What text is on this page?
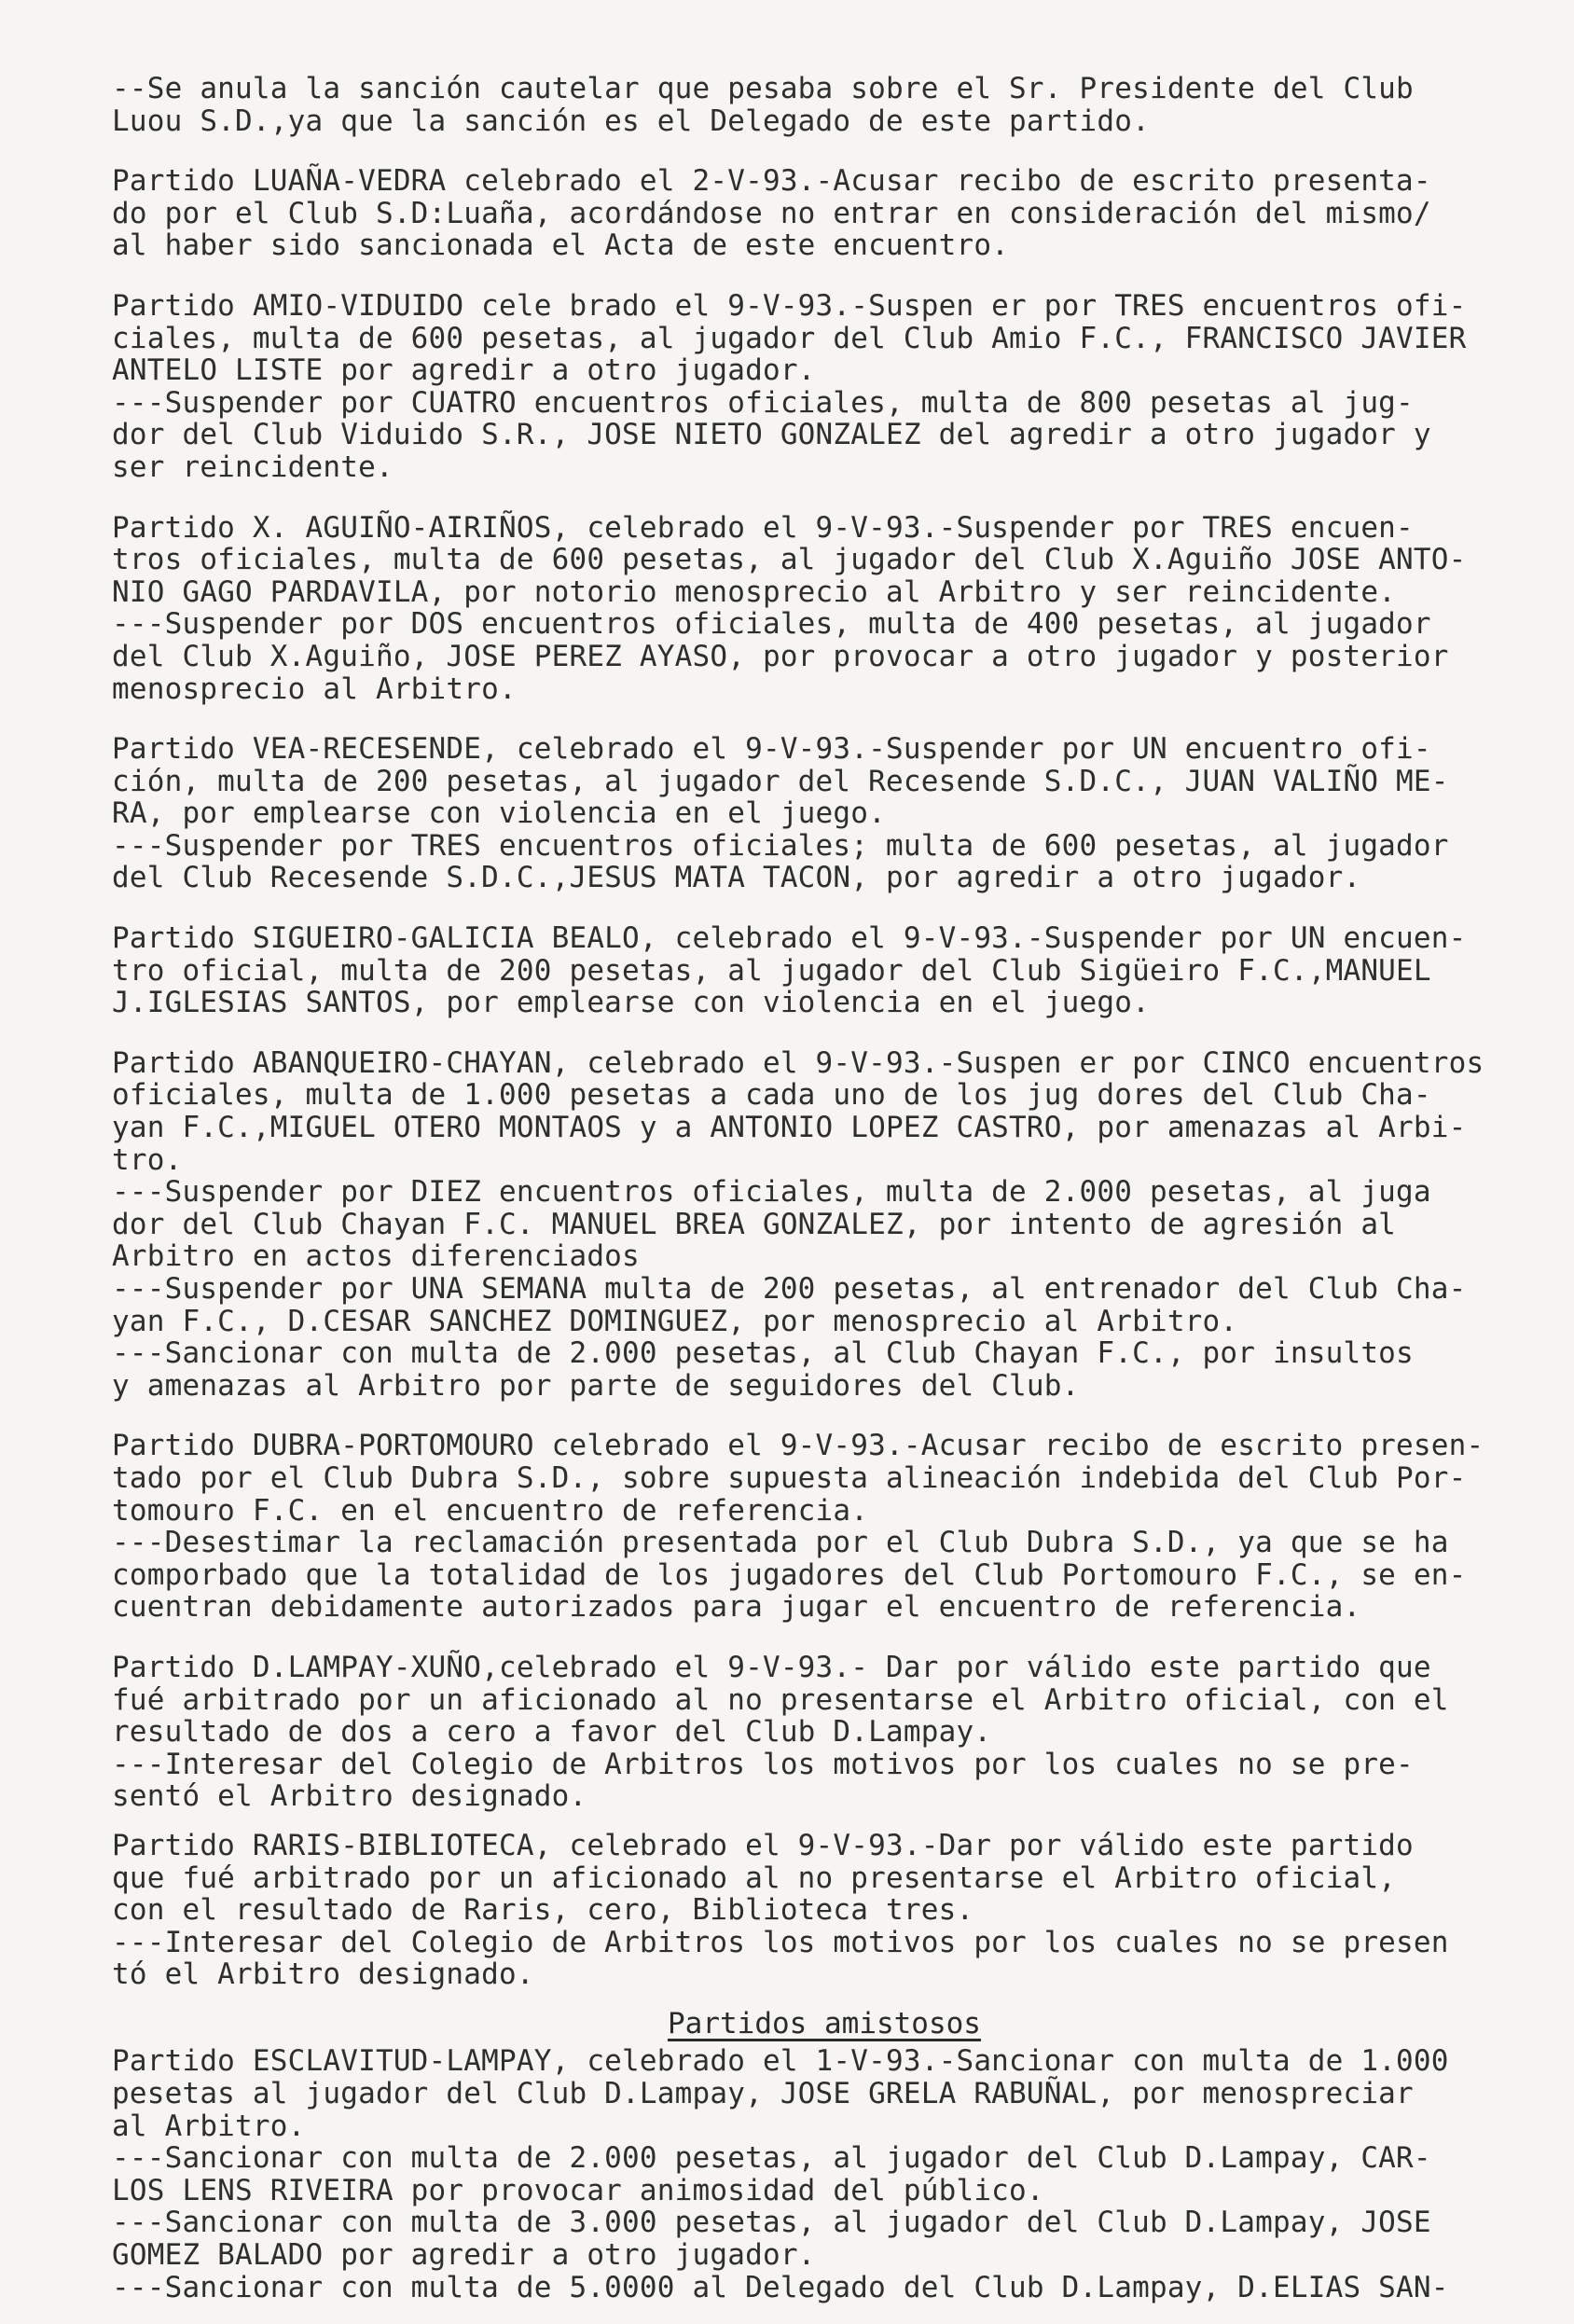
--Se anula la sanción cautelar que pesaba sobre el Sr. Presidente del Club
Luou S.D.,ya que la sanción es el Delegado de este partido.
Partido LUAÑA-VEDRA celebrado el 2-V-93.-Acusar recibo de escrito presenta-
do por el Club S.D:Luaña, acordándose no entrar en consideración del mismo/
al haber sido sancionada el Acta de este encuentro.
Partido AMIO-VIDUIDO cele brado el 9-V-93.-Suspen er por TRES encuentros ofi-
ciales, multa de 600 pesetas, al jugador del Club Amio F.C., FRANCISCO JAVIER
ANTELO LISTE por agredir a otro jugador.
---Suspender por CUATRO encuentros oficiales, multa de 800 pesetas al jug-
dor del Club Viduido S.R., JOSE NIETO GONZALEZ del agredir a otro jugador y
ser reincidente.
Partido X. AGUIÑO-AIRIÑOS, celebrado el 9-V-93.-Suspender por TRES encuen-
tros oficiales, multa de 600 pesetas, al jugador del Club X.Aguiño JOSE ANTO-
NIO GAGO PARDAVILA, por notorio menosprecio al Arbitro y ser reincidente.
---Suspender por DOS encuentros oficiales, multa de 400 pesetas, al jugador
del Club X.Aguiño, JOSE PEREZ AYASO, por provocar a otro jugador y posterior
menosprecio al Arbitro.
Partido VEA-RECESENDE, celebrado el 9-V-93.-Suspender por UN encuentro ofi-
ción, multa de 200 pesetas, al jugador del Recesende S.D.C., JUAN VALIÑO ME-
RA, por emplearse con violencia en el juego.
---Suspender por TRES encuentros oficiales; multa de 600 pesetas, al jugador
del Club Recesende S.D.C.,JESUS MATA TACON, por agredir a otro jugador.
Partido SIGUEIRO-GALICIA BEALO, celebrado el 9-V-93.-Suspender por UN encuen-
tro oficial, multa de 200 pesetas, al jugador del Club Sigüeiro F.C.,MANUEL
J.IGLESIAS SANTOS, por emplearse con violencia en el juego.
Partido ABANQUEIRO-CHAYAN, celebrado el 9-V-93.-Suspen er por CINCO encuentros
oficiales, multa de 1.000 pesetas a cada uno de los jug dores del Club Cha-
yan F.C.,MIGUEL OTERO MONTAOS y a ANTONIO LOPEZ CASTRO, por amenazas al Arbi-
tro.
---Suspender por DIEZ encuentros oficiales, multa de 2.000 pesetas, al juga
dor del Club Chayan F.C. MANUEL BREA GONZALEZ, por intento de agresión al
Arbitro en actos diferenciados
---Suspender por UNA SEMANA multa de 200 pesetas, al entrenador del Club Cha-
yan F.C., D.CESAR SANCHEZ DOMINGUEZ, por menosprecio al Arbitro.
---Sancionar con multa de 2.000 pesetas, al Club Chayan F.C., por insultos
y amenazas al Arbitro por parte de seguidores del Club.
Partido DUBRA-PORTOMOURO celebrado el 9-V-93.-Acusar recibo de escrito presen-
tado por el Club Dubra S.D., sobre supuesta alineación indebida del Club Por-
tomouro F.C. en el encuentro de referencia.
---Desestimar la reclamación presentada por el Club Dubra S.D., ya que se ha
comporbado que la totalidad de los jugadores del Club Portomouro F.C., se en-
cuentran debidamente autorizados para jugar el encuentro de referencia.
Partido D.LAMPAY-XUÑO,celebrado el 9-V-93.- Dar por válido este partido que
fué arbitrado por un aficionado al no presentarse el Arbitro oficial, con el
resultado de dos a cero a favor del Club D.Lampay.
---Interesar del Colegio de Arbitros los motivos por los cuales no se pre-
sentó el Arbitro designado.
Partido RARIS-BIBLIOTECA, celebrado el 9-V-93.-Dar por válido este partido
que fué arbitrado por un aficionado al no presentarse el Arbitro oficial,
con el resultado de Raris, cero, Biblioteca tres.
---Interesar del Colegio de Arbitros los motivos por los cuales no se presen
tó el Arbitro designado.
Partidos amistosos
Partido ESCLAVITUD-LAMPAY, celebrado el 1-V-93.-Sancionar con multa de 1.000
pesetas al jugador del Club D.Lampay, JOSE GRELA RABUÑAL, por menospreciar
al Arbitro.
---Sancionar con multa de 2.000 pesetas, al jugador del Club D.Lampay, CAR-
LOS LENS RIVEIRA por provocar animosidad del público.
---Sancionar con multa de 3.000 pesetas, al jugador del Club D.Lampay, JOSE
GOMEZ BALADO por agredir a otro jugador.
---Sancionar con multa de 5.0000 al Delegado del Club D.Lampay, D.ELIAS SAN-
